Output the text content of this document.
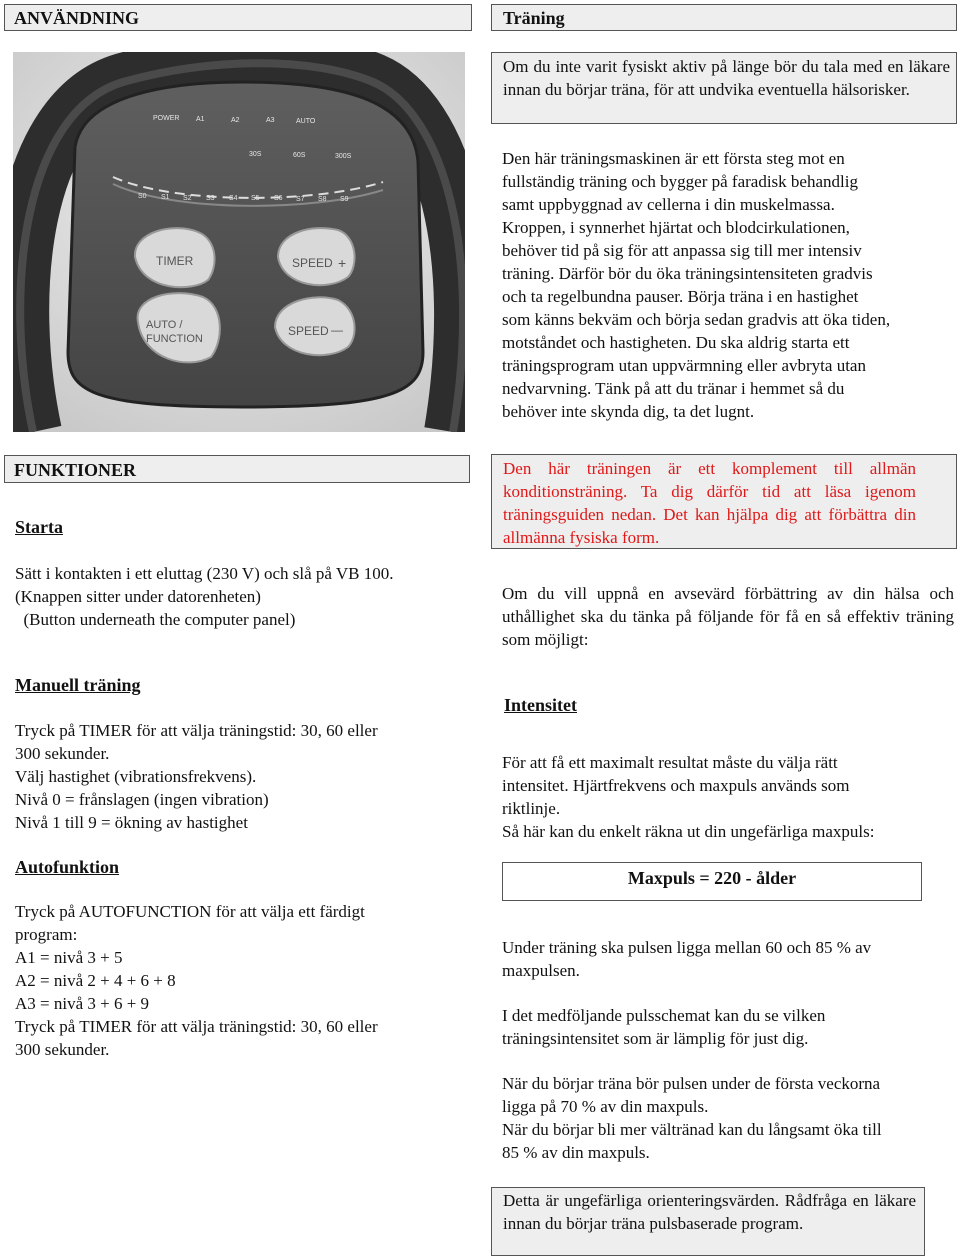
ANVÄNDNING
POWER A1	A2	A3	AUTO
30S	60S	300S
S0 S1 S2 S3 S4 S5 S6 S7 S8 S9
TIMER	SPEED +
AUTO /
FUNCTION
SPEED —
FUNKTIONER
Starta
Sätt i kontakten i ett eluttag (230 V) och slå på VB 100.
(Knappen sitter under datorenheten)
(Button underneath the computer panel)
Manuell träning
Tryck på TIMER för att välja träningstid: 30, 60 eller
300 sekunder.
Välj hastighet (vibrationsfrekvens).
Nivå 0 = frånslagen (ingen vibration)
Nivå 1 till 9 = ökning av hastighet
Autofunktion
Tryck på AUTOFUNCTION för att välja ett färdigt
program:
A1 = nivå 3 + 5
A2 = nivå 2 + 4 + 6 + 8
A3 = nivå 3 + 6 + 9
Tryck på TIMER för att välja träningstid: 30, 60 eller
300 sekunder.
Träning

Om du inte varit fysiskt aktiv på länge bör du tala med en läkare innan du börjar träna, för att undvika eventuella hälsorisker.

Den här träningsmaskinen är ett första steg mot en
fullständig träning och bygger på faradisk behandlig
samt uppbyggnad av cellerna i din muskelmassa.
Kroppen, i synnerhet hjärtat och blodcirkulationen,
behöver tid på sig för att anpassa sig till mer intensiv
träning. Därför bör du öka träningsintensiteten gradvis
och ta regelbundna pauser. Börja träna i en hastighet
som känns bekväm och börja sedan gradvis att öka tiden,
motståndet och hastigheten. Du ska aldrig starta ett
träningsprogram utan uppvärmning eller avbryta utan
nedvarvning. Tänk på att du tränar i hemmet så du
behöver inte skynda dig, ta det lugnt.

Den här träningen är ett komplement till allmän konditionsträning. Ta dig därför tid att läsa igenom träningsguiden nedan. Det kan hjälpa dig att förbättra din allmänna fysiska form.

Om du vill uppnå en avsevärd förbättring av din hälsa och uthållighet ska du tänka på följande för få en så effektiv träning som möjligt:

Intensitet
För att få ett maximalt resultat måste du välja rätt
intensitet. Hjärtfrekvens och maxpuls används som
riktlinje.
Så här kan du enkelt räkna ut din ungefärliga maxpuls:
Maxpuls = 220 - ålder
Under träning ska pulsen ligga mellan 60 och 85 % av
maxpulsen.
I det medföljande pulsschemat kan du se vilken
träningsintensitet som är lämplig för just dig.
När du börjar träna bör pulsen under de första veckorna
ligga på 70 % av din maxpuls.
När du börjar bli mer vältränad kan du långsamt öka till
85 % av din maxpuls.

Detta är ungefärliga orienteringsvärden. Rådfråga en läkare innan du börjar träna pulsbaserade program.
